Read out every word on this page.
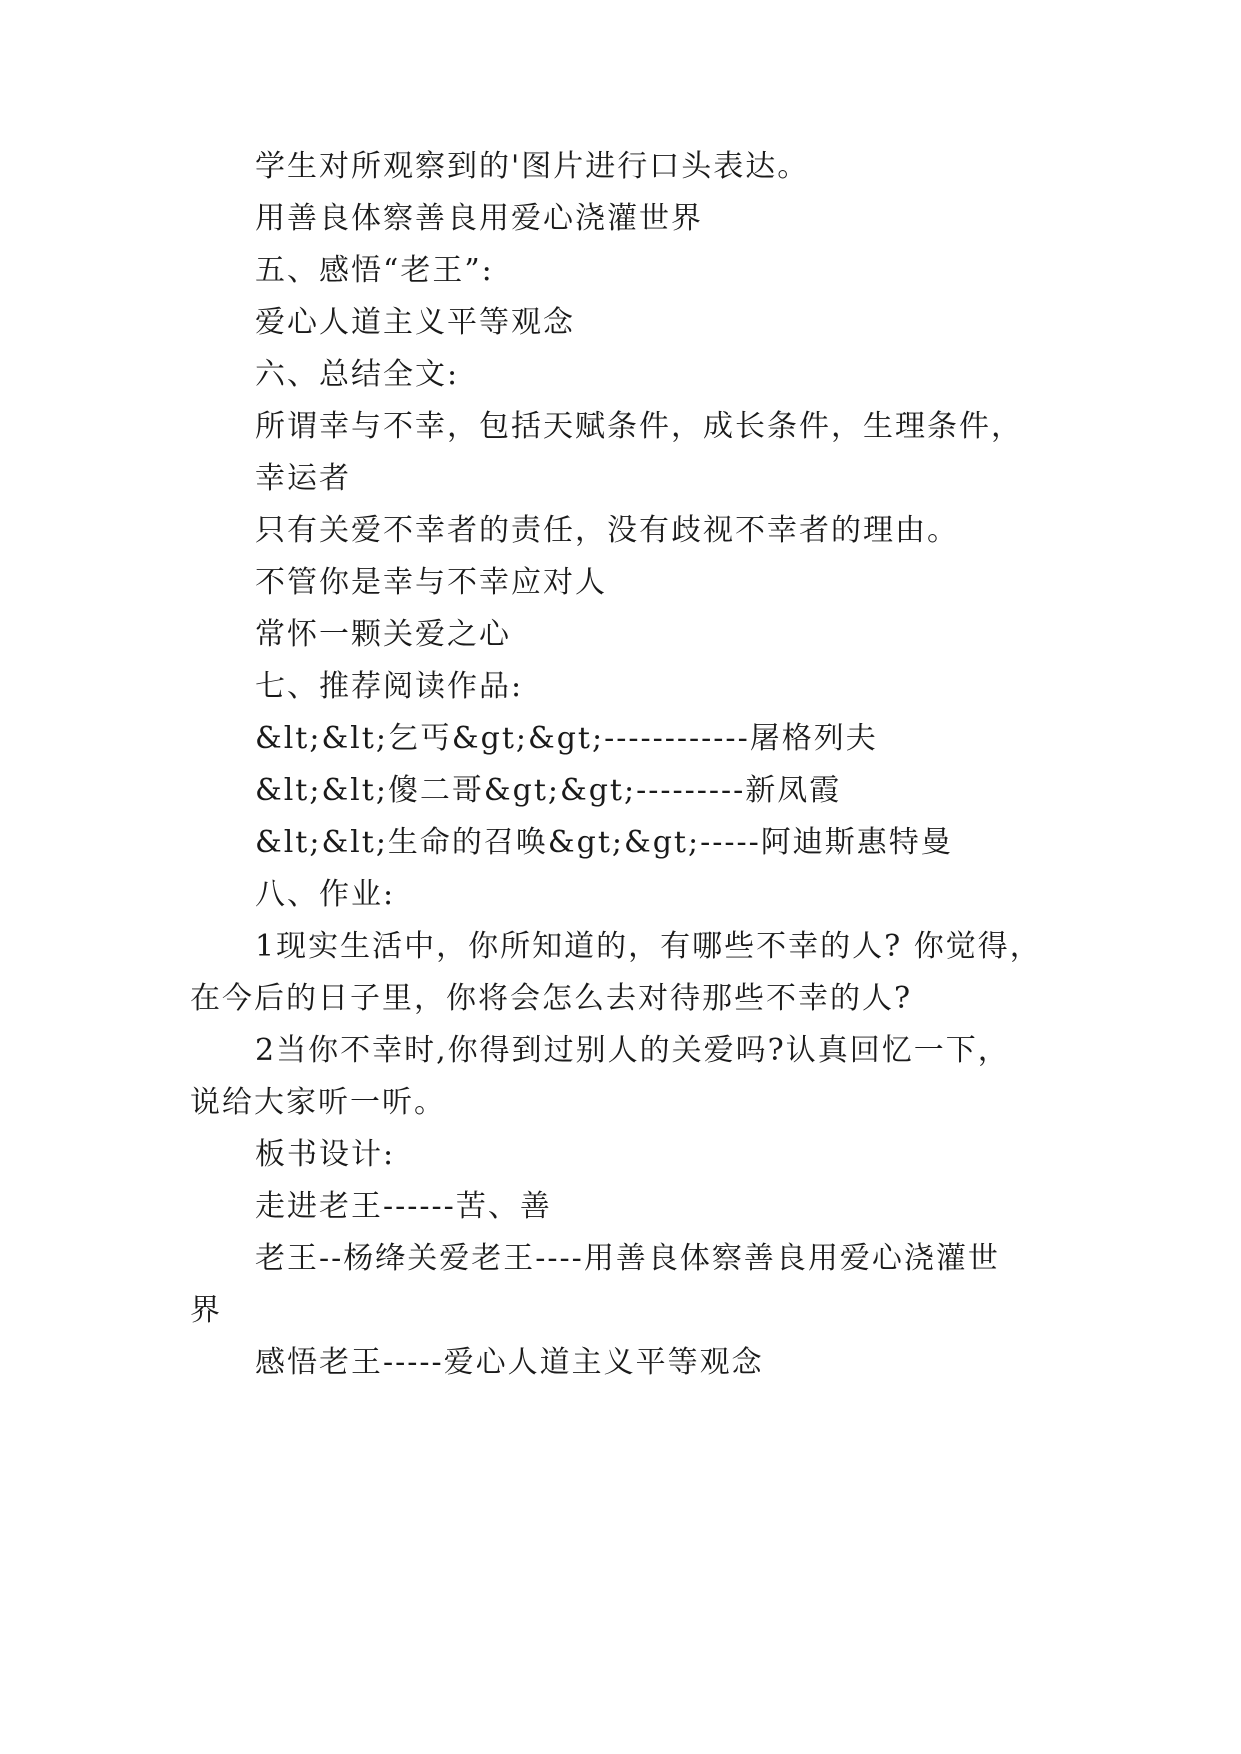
学生对所观察到的'图片进行口头表达。
用善良体察善良用爱心浇灌世界
五、感悟“老王”:
爱心人道主义平等观念
六、总结全文:
所谓幸与不幸，包括天赋条件，成长条件，生理条件，
幸运者
只有关爱不幸者的责任，没有歧视不幸者的理由。
不管你是幸与不幸应对人
常怀一颗关爱之心
七、推荐阅读作品:
&lt;&lt;乞丐&gt;&gt;------------屠格列夫
&lt;&lt;傻二哥&gt;&gt;---------新凤霞
&lt;&lt;生命的召唤&gt;&gt;-----阿迪斯惠特曼
八、作业:
1现实生活中，你所知道的，有哪些不幸的人? 你觉得，
在今后的日子里，你将会怎么去对待那些不幸的人?
2当你不幸时,你得到过别人的关爱吗?认真回忆一下，
说给大家听一听。
板书设计:
走进老王------苦、善
老王--杨绛关爱老王----用善良体察善良用爱心浇灌世
界
感悟老王-----爱心人道主义平等观念
